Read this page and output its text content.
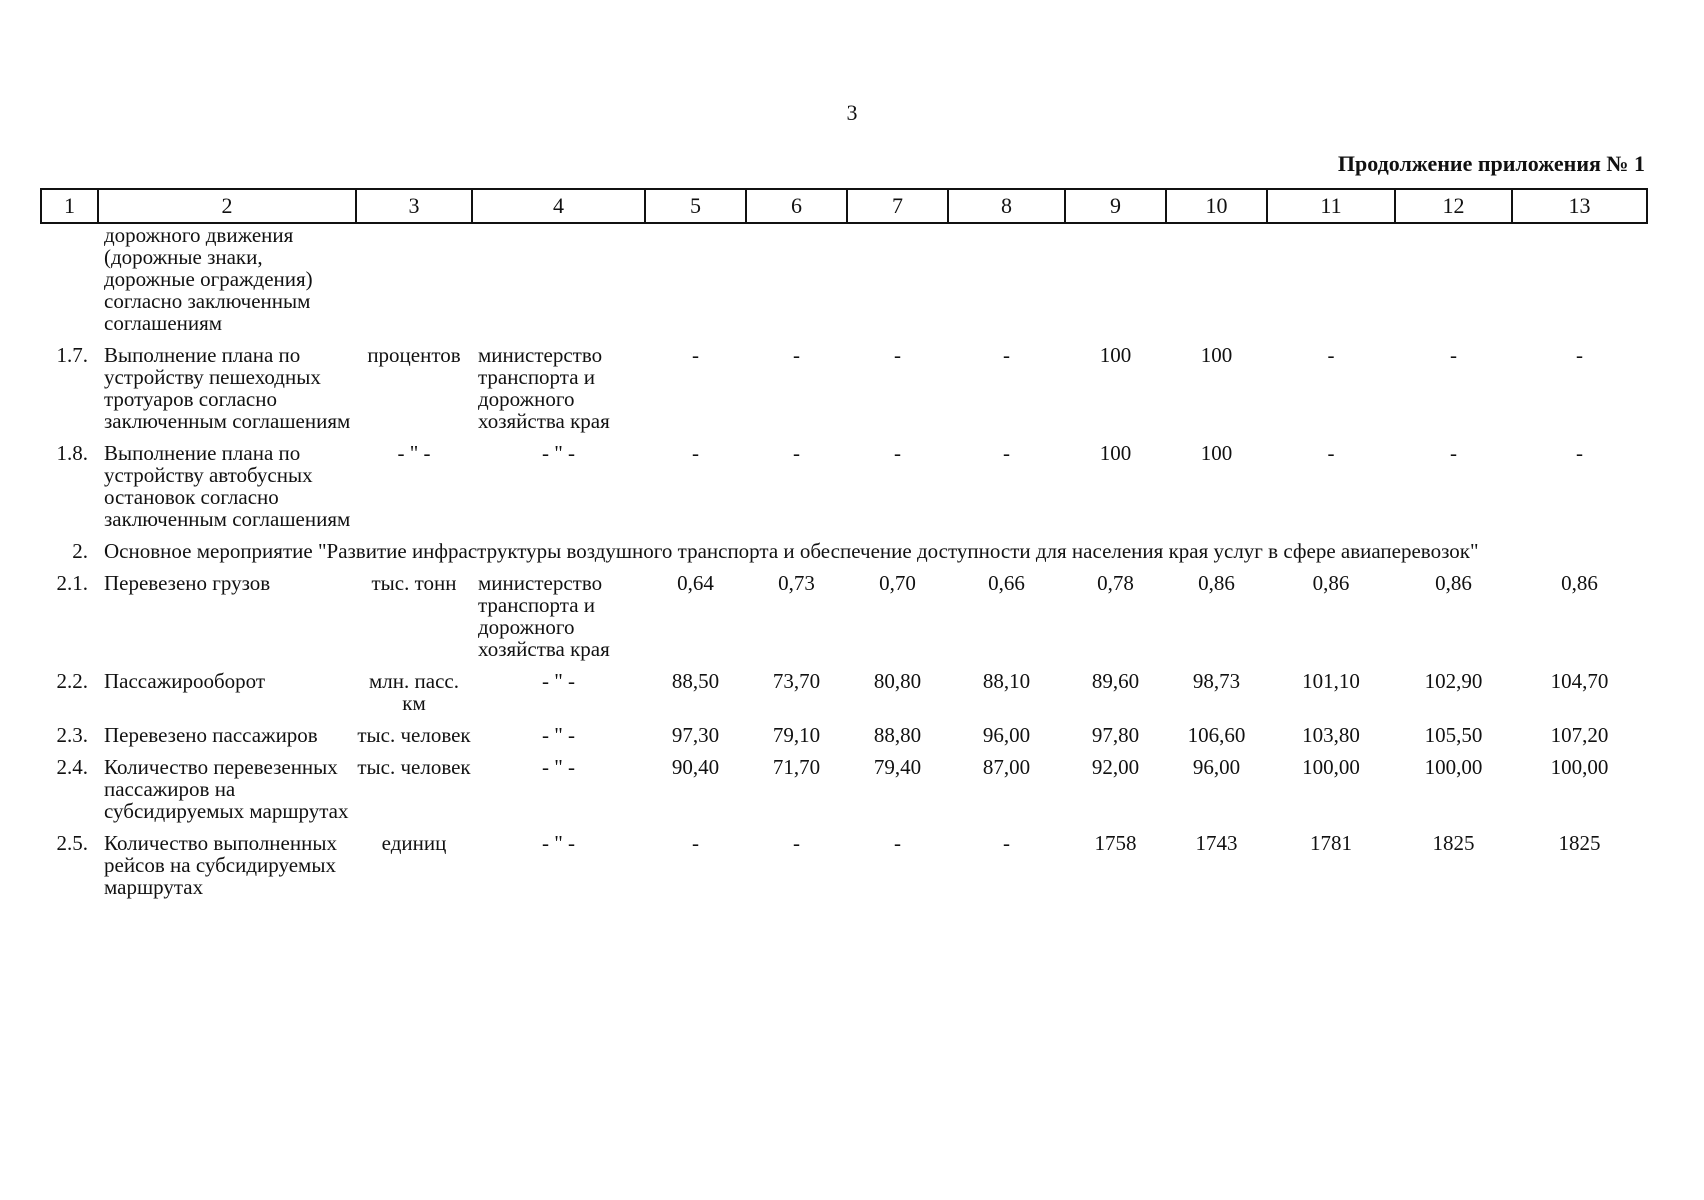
3
Продолжение приложения № 1
1	2	3	4	5	6	7	8	9	10	11	12	13
	дорожного движения (дорожные знаки, дорожные ограждения) согласно заключенным соглашениям											
1.7.	Выполнение плана по устройству пешеходных тротуаров согласно заключенным соглашениям	процентов	министерство транспорта и дорожного хозяйства края	-	-	-	-	100	100	-	-	-
1.8.	Выполнение плана по устройству автобусных остановок согласно заключенным соглашениям	- " -	- " -	-	-	-	-	100	100	-	-	-
2.	Основное мероприятие "Развитие инфраструктуры воздушного транспорта и обеспечение доступности для населения края услуг в сфере авиаперевозок"											
2.1.	Перевезено грузов	тыс. тонн	министерство транспорта и дорожного хозяйства края	0,64	0,73	0,70	0,66	0,78	0,86	0,86	0,86	0,86
2.2.	Пассажирооборот	млн. пасс. км	- " -	88,50	73,70	80,80	88,10	89,60	98,73	101,10	102,90	104,70
2.3.	Перевезено пассажиров	тыс. человек	- " -	97,30	79,10	88,80	96,00	97,80	106,60	103,80	105,50	107,20
2.4.	Количество перевезенных пассажиров на субсидируемых маршрутах	тыс. человек	- " -	90,40	71,70	79,40	87,00	92,00	96,00	100,00	100,00	100,00
2.5.	Количество выполненных рейсов на субсидируемых маршрутах	единиц	- " -	-	-	-	-	1758	1743	1781	1825	1825
